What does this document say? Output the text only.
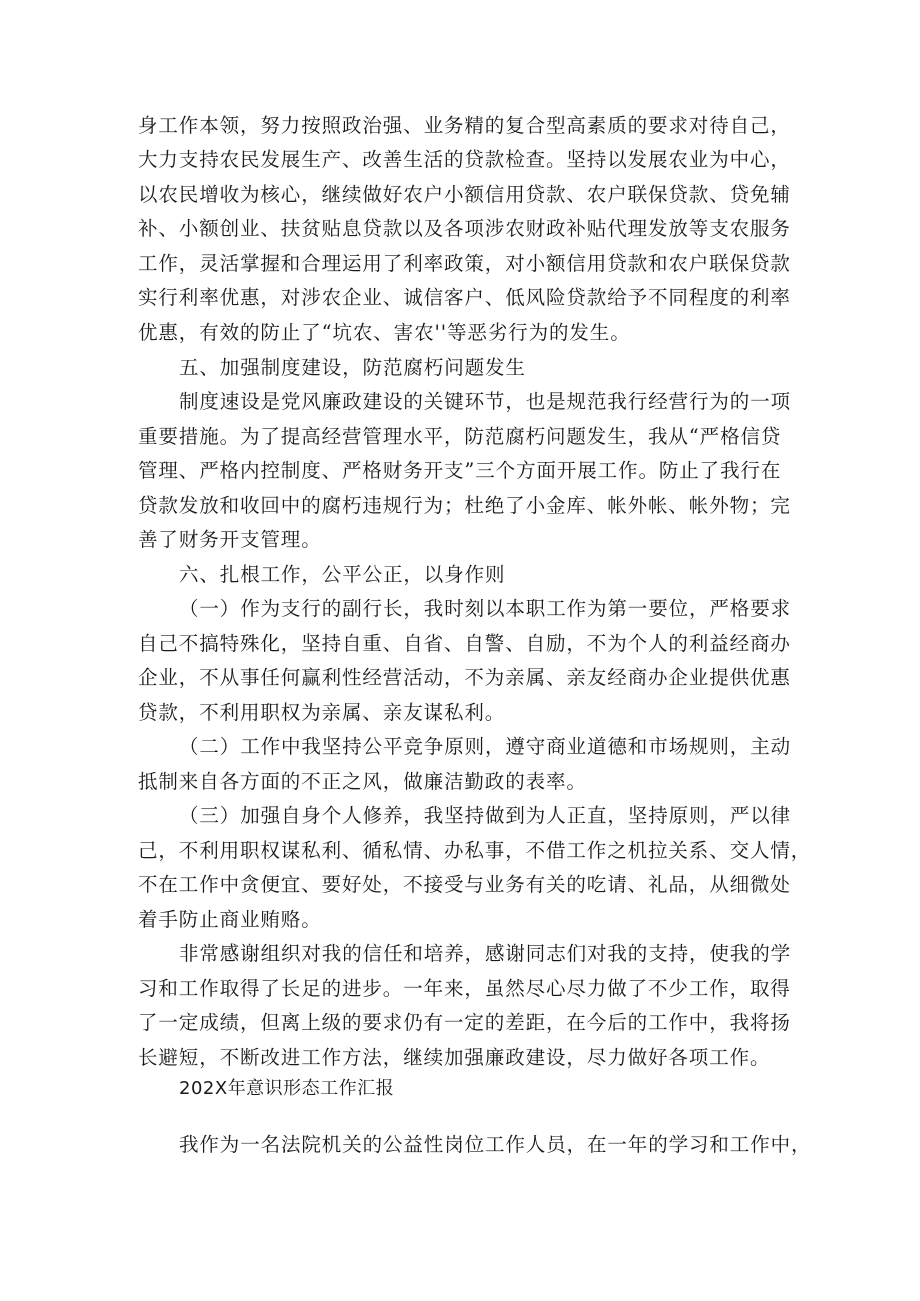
身工作本领，努力按照政治强、业务精的复合型高素质的要求对待自己，
大力支持农民发展生产、改善生活的贷款检查。坚持以发展农业为中心，
以农民增收为核心，继续做好农户小额信用贷款、农户联保贷款、贷免辅
补、小额创业、扶贫贴息贷款以及各项涉农财政补贴代理发放等支农服务
工作，灵活掌握和合理运用了利率政策，对小额信用贷款和农户联保贷款
实行利率优惠，对涉农企业、诚信客户、低风险贷款给予不同程度的利率
优惠，有效的防止了“坑农、害农''等恶劣行为的发生。
五、加强制度建设，防范腐朽问题发生
制度速设是党风廉政建设的关键环节，也是规范我行经营行为的一项
重要措施。为了提高经营管理水平，防范腐朽问题发生，我从“严格信贷
管理、严格内控制度、严格财务开支”三个方面开展工作。防止了我行在
贷款发放和收回中的腐朽违规行为；杜绝了小金库、帐外帐、帐外物；完
善了财务开支管理。
六、扎根工作，公平公正，以身作则
（一）作为支行的副行长，我时刻以本职工作为第一要位，严格要求
自己不搞特殊化，坚持自重、自省、自警、自励，不为个人的利益经商办
企业，不从事任何赢利性经营活动，不为亲属、亲友经商办企业提供优惠
贷款，不利用职权为亲属、亲友谋私利。
（二）工作中我坚持公平竞争原则，遵守商业道德和市场规则，主动
抵制来自各方面的不正之风，做廉洁勤政的表率。
（三）加强自身个人修养，我坚持做到为人正直，坚持原则，严以律
己，不利用职权谋私利、循私情、办私事，不借工作之机拉关系、交人情，
不在工作中贪便宜、要好处，不接受与业务有关的吃请、礼品，从细微处
着手防止商业贿赂。
非常感谢组织对我的信任和培养，感谢同志们对我的支持，使我的学
习和工作取得了长足的进步。一年来，虽然尽心尽力做了不少工作，取得
了一定成绩，但离上级的要求仍有一定的差距，在今后的工作中，我将扬
长避短，不断改进工作方法，继续加强廉政建设，尽力做好各项工作。
202X年意识形态工作汇报
我作为一名法院机关的公益性岗位工作人员，在一年的学习和工作中，
